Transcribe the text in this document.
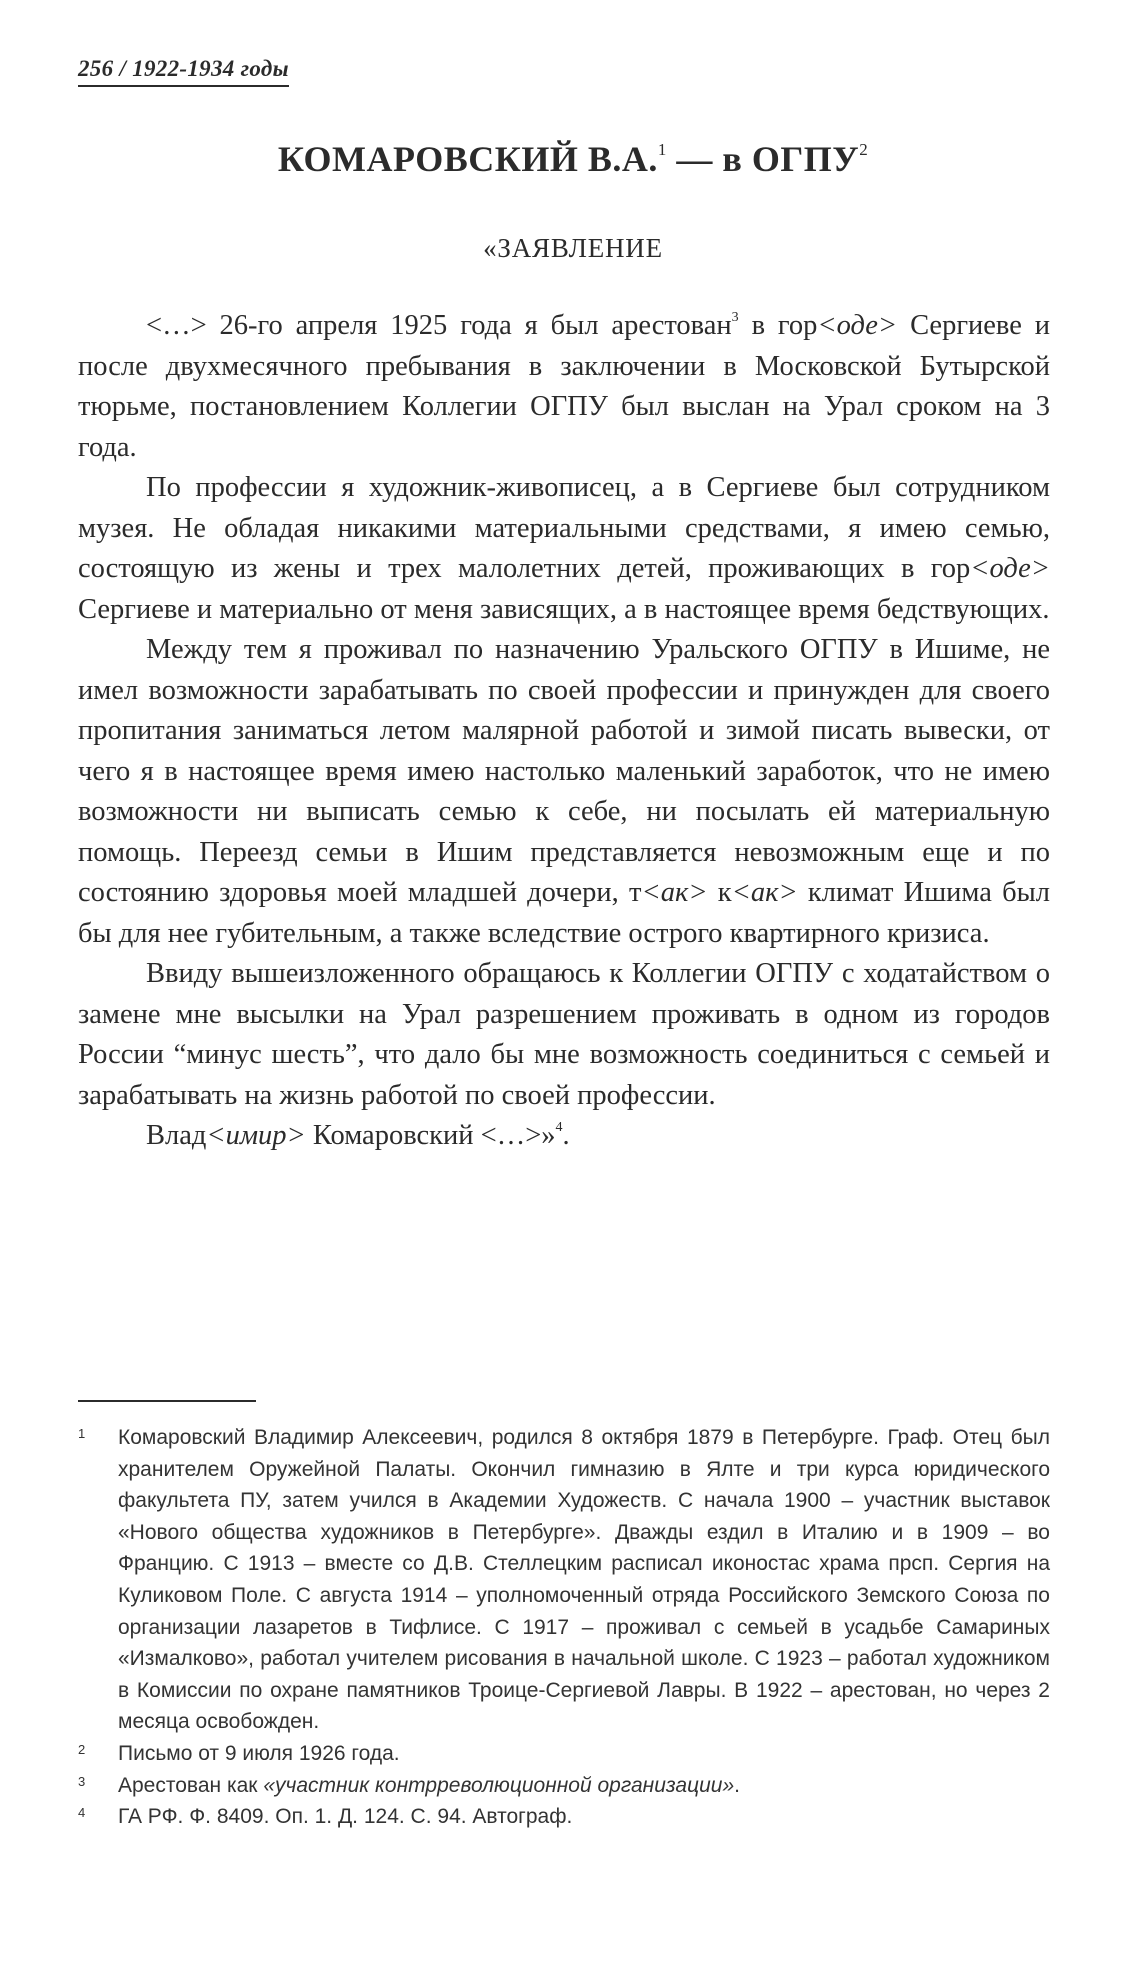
256 / 1922-1934 годы
КОМАРОВСКИЙ В.А.$^1$ — в ОГПУ$^2$
«ЗАЯВЛЕНИЕ

<…> 26-го апреля 1925 года я был арестован$^3$ в гор<оде> Сергиеве и после двухмесячного пребывания в заключении в Московской Бутырской тюрьме, постановлением Коллегии ОГПУ был выслан на Урал сроком на 3 года.

По профессии я художник-живописец, а в Сергиеве был сотрудником музея. Не обладая никакими материальными средствами, я имею семью, состоящую из жены и трех малолетних детей, проживающих в гор<оде> Сергиеве и материально от меня зависящих, а в настоящее время бедствующих.

Между тем я проживал по назначению Уральского ОГПУ в Ишиме, не имел возможности зарабатывать по своей профессии и принужден для своего пропитания заниматься летом малярной работой и зимой писать вывески, от чего я в настоящее время имею настолько маленький заработок, что не имею возможности ни выписать семью к себе, ни посылать ей материальную помощь. Переезд семьи в Ишим представляется невозможным еще и по состоянию здоровья моей младшей дочери, т<ак> к<ак> климат Ишима был бы для нее губительным, а также вследствие острого квартирного кризиса.

Ввиду вышеизложенного обращаюсь к Коллегии ОГПУ с ходатайством о замене мне высылки на Урал разрешением проживать в одном из городов России “минус шесть”, что дало бы мне возможность соединиться с семьей и зарабатывать на жизнь работой по своей профессии.

Влад<имир> Комаровский <…>»$^4$.

1 Комаровский Владимир Алексеевич, родился 8 октября 1879 в Петербурге. Граф. Отец был хранителем Оружейной Палаты. Окончил гимназию в Ялте и три курса юридического факультета ПУ, затем учился в Академии Художеств. С начала 1900 – участник выставок «Нового общества художников в Петербурге». Дважды ездил в Италию и в 1909 – во Францию. С 1913 – вместе со Д.В. Стеллецким расписал иконостас храма прсп. Сергия на Куликовом Поле. С августа 1914 – уполномоченный отряда Российского Земского Союза по организации лазаретов в Тифлисе. С 1917 – проживал с семьей в усадьбе Самариных «Измалково», работал учителем рисования в начальной школе. С 1923 – работал художником в Комиссии по охране памятников Троице-Сергиевой Лавры. В 1922 – арестован, но через 2 месяца освобожден.
2 Письмо от 9 июля 1926 года.
3 Арестован как «участник контрреволюционной организации».
4 ГА РФ. Ф. 8409. Оп. 1. Д. 124. С. 94. Автограф.
